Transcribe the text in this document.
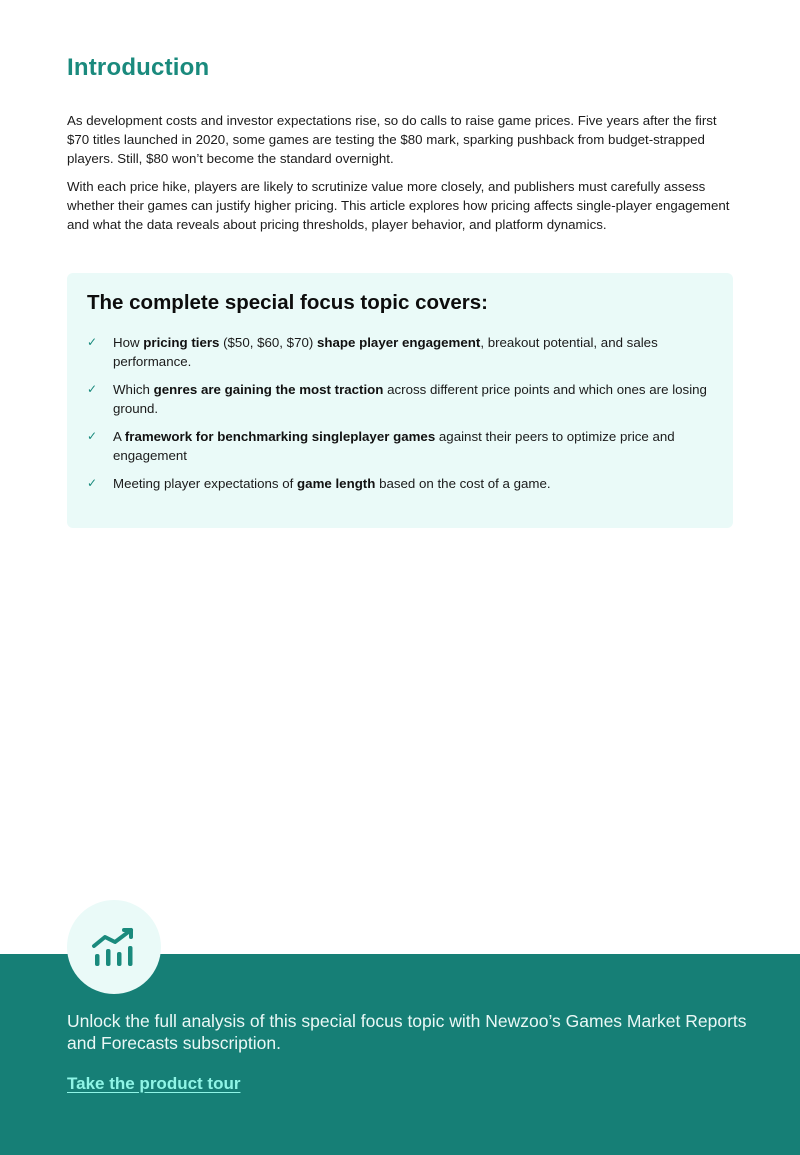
Introduction

As development costs and investor expectations rise, so do calls to raise game prices. Five years after the first $70 titles launched in 2020, some games are testing the $80 mark, sparking pushback from budget-strapped players. Still, $80 won’t become the standard overnight.

With each price hike, players are likely to scrutinize value more closely, and publishers must carefully assess whether their games can justify higher pricing. This article explores how pricing affects single-player engagement and what the data reveals about pricing thresholds, player behavior, and platform dynamics.

The complete special focus topic covers:
✓ How pricing tiers ($50, $60, $70) shape player engagement, breakout potential, and sales performance.
✓ Which genres are gaining the most traction across different price points and which ones are losing ground.
✓ A framework for benchmarking singleplayer games against their peers to optimize price and engagement
✓ Meeting player expectations of game length based on the cost of a game.

Unlock the full analysis of this special focus topic with Newzoo’s Games Market Reports and Forecasts subscription.

Take the product tour
